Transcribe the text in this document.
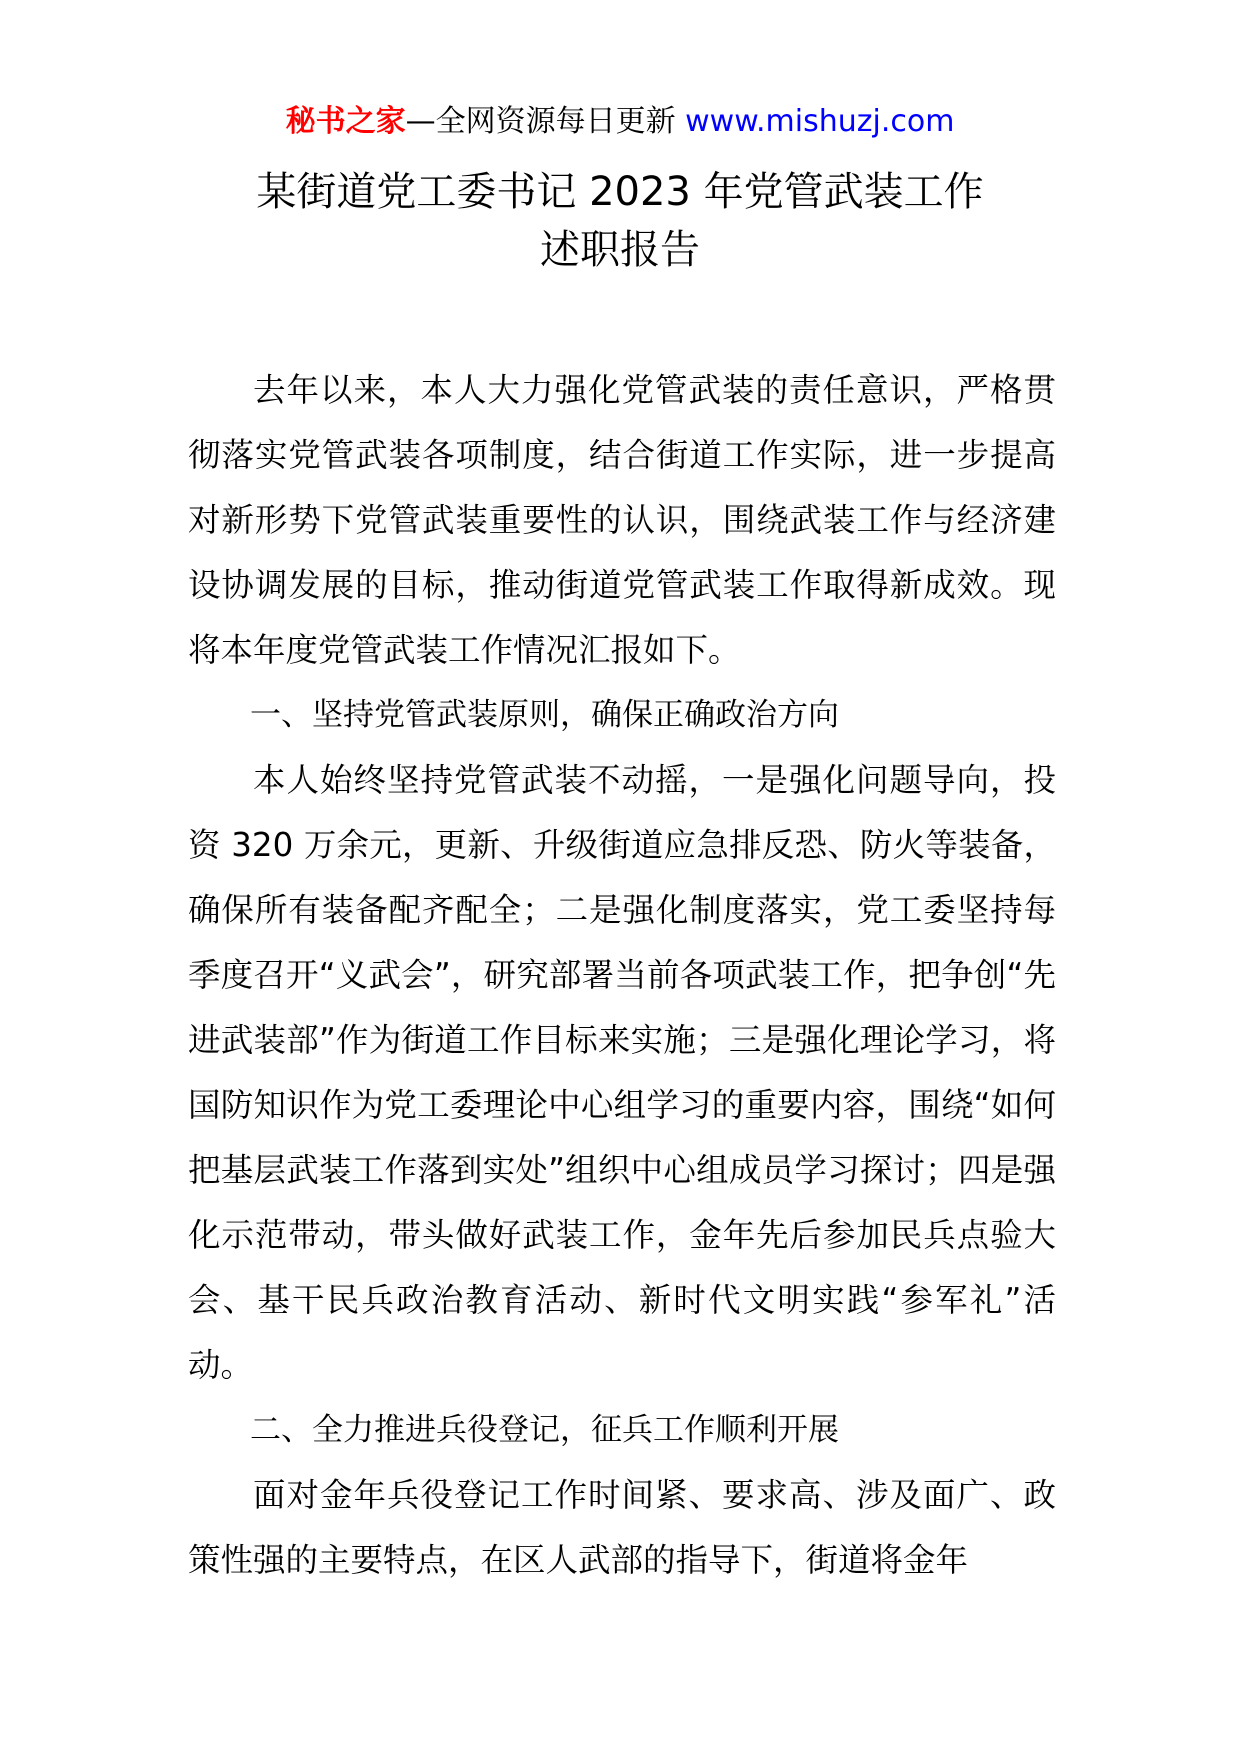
秘书之家—全网资源每日更新 www.mishuzj.com
某街道党工委书记 2023 年党管武装工作
述职报告

去年以来，本人大力强化党管武装的责任意识，严格贯彻落实党管武装各项制度，结合街道工作实际，进一步提高对新形势下党管武装重要性的认识，围绕武装工作与经济建设协调发展的目标，推动街道党管武装工作取得新成效。现将本年度党管武装工作情况汇报如下。

一、坚持党管武装原则，确保正确政治方向

本人始终坚持党管武装不动摇，一是强化问题导向，投资 320 万余元，更新、升级街道应急排反恐、防火等装备，确保所有装备配齐配全；二是强化制度落实，党工委坚持每季度召开“义武会”，研究部署当前各项武装工作，把争创“先进武装部”作为街道工作目标来实施；三是强化理论学习，将国防知识作为党工委理论中心组学习的重要内容，围绕“如何把基层武装工作落到实处”组织中心组成员学习探讨；四是强化示范带动，带头做好武装工作，金年先后参加民兵点验大会、基干民兵政治教育活动、新时代文明实践“参军礼”活动。

二、全力推进兵役登记，征兵工作顺利开展

面对金年兵役登记工作时间紧、要求高、涉及面广、政策性强的主要特点，在区人武部的指导下，街道将金年
